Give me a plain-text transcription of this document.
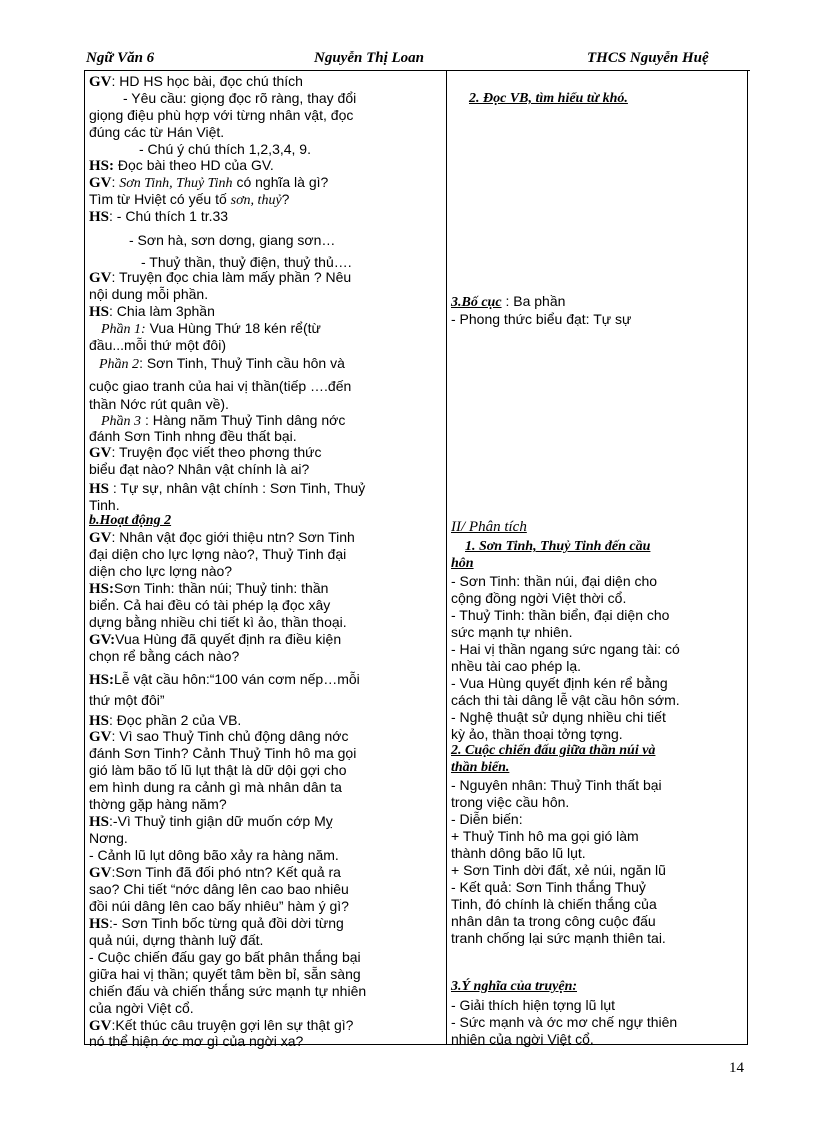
Ngữ Văn 6	Nguyễn Thị Loan	THCS Nguyễn Huệ
GV: HD HS học bài, đọc chú thích
- Yêu cầu: giọng đọc rõ ràng, thay đổi
giọng điệu phù hợp với từng nhân vật, đọc
đúng các từ Hán Việt.
- Chú ý chú thích 1,2,3,4, 9.
HS: Đọc bài theo HD của GV.
GV: Sơn Tinh, Thuỷ Tinh có nghĩa là gì?
Tìm từ Hviệt có yếu tố sơn, thuỷ?
HS: - Chú thích 1 tr.33
- Sơn hà, sơn dơng, giang sơn…
- Thuỷ thần, thuỷ điện, thuỷ thủ….
GV: Truyện đọc chia làm mấy phần ? Nêu
nội dung mỗi phần.
HS: Chia làm 3phần
Phần 1: Vua Hùng Thứ 18 kén rể(từ
đầu...mỗi thứ một đôi)
Phần 2: Sơn Tinh, Thuỷ Tinh cầu hôn và
cuộc giao tranh của hai vị thần(tiếp ….đến
thần Nớc rút quân về).
Phần 3 : Hàng năm Thuỷ Tinh dâng nớc
đánh Sơn Tinh nhng đều thất bại.
GV: Truyện đọc viết theo phơng thức
biểu đạt nào? Nhân vật chính là ai?
HS : Tự sự, nhân vật chính : Sơn Tinh, Thuỷ
Tinh.
b.Hoạt động 2
GV: Nhân vật đọc giới thiệu ntn? Sơn Tinh
đại diện cho lực lợng nào?, Thuỷ Tinh đại
diện cho lực lợng nào?
HS:Sơn Tinh: thần núi; Thuỷ tinh: thần
biển. Cả hai đều có tài phép lạ đọc xây
dựng bằng nhiều chi tiết kì ảo, thần thoại.
GV:Vua Hùng đã quyết định ra điều kiện
chọn rể bằng cách nào?
HS:Lễ vật cầu hôn:“100 ván cơm nếp…mỗi
thứ một đôi”
HS: Đọc phần 2 của VB.
GV: Vì sao Thuỷ Tinh chủ động dâng nớc
đánh Sơn Tinh? Cảnh Thuỷ Tinh hô ma gọi
gió làm bão tố lũ lụt thật là dữ dội gợi cho
em hình dung ra cảnh gì mà nhân dân ta
thờng gặp hàng năm?
HS:-Vì Thuỷ tinh giận dữ muốn cớp Mỵ
Nơng.
- Cảnh lũ lụt dông bão xảy ra hàng năm.
GV:Sơn Tinh đã đối phó ntn? Kết quả ra
sao? Chi tiết “nớc dâng lên cao bao nhiêu
đồi núi dâng lên cao bấy nhiêu” hàm ý gì?
HS:- Sơn Tinh bốc từng quả đồi dời từng
quả núi, dựng thành luỹ đất.
- Cuộc chiến đấu gay go bất phân thắng bại
giữa hai vị thần; quyết tâm bền bỉ, sẵn sàng
chiến đấu và chiến thắng sức mạnh tự nhiên
của ngời Việt cổ.
GV:Kết thúc câu truyện gợi lên sự thật gì?
nó thể hiện ớc mơ gì của ngời xa?
2. Đọc VB, tìm hiểu từ khó.
3.Bố cục : Ba phần
- Phong thức biểu đạt: Tự sự
II/ Phân tích
1. Sơn Tinh, Thuỷ Tinh đến cầu
hôn
- Sơn Tinh: thần núi, đại diện cho
cộng đồng ngời Việt thời cổ.
- Thuỷ Tinh: thần biển, đại diện cho
sức mạnh tự nhiên.
- Hai vị thần ngang sức ngang tài: có
nhều tài cao phép lạ.
- Vua Hùng quyết định kén rể bằng
cách thi tài dâng lễ vật cầu hôn sớm.
- Nghệ thuật sử dụng nhiều chi tiết
kỳ ảo, thần thoại tởng tợng.
2. Cuộc chiến đấu giữa thần núi và
thần biển.
- Nguyên nhân: Thuỷ Tinh thất bại
trong việc cầu hôn.
- Diễn biến:
+ Thuỷ Tinh hô ma gọi gió làm
thành dông bão lũ lụt.
+ Sơn Tinh dời đất, xẻ núi, ngăn lũ
- Kết quả: Sơn Tinh thắng Thuỷ
Tinh, đó chính là chiến thắng của
nhân dân ta trong công cuộc đấu
tranh chống lại sức mạnh thiên tai.
3.Ý nghĩa của truyện:
- Giải thích hiện tợng lũ lụt
- Sức mạnh và ớc mơ chế ngự thiên
nhiên của ngời Việt cổ.
14
